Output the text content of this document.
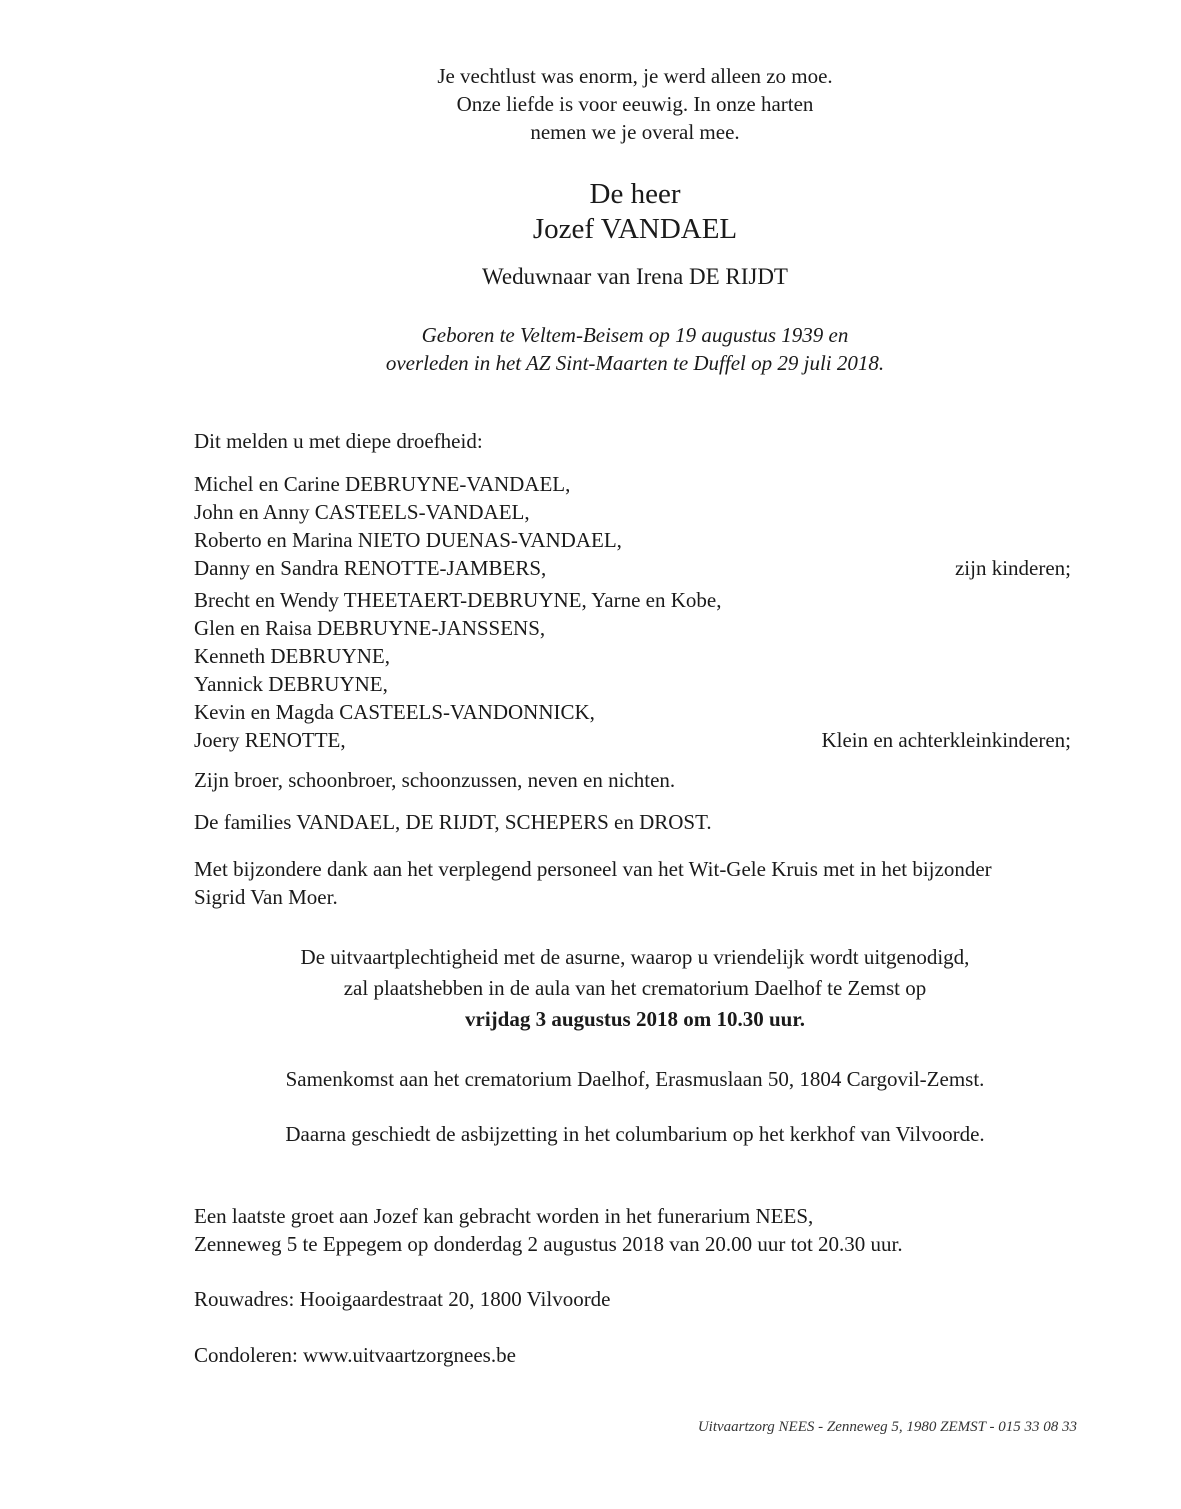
Je vechtlust was enorm, je werd alleen zo moe.

Onze liefde is voor eeuwig. In onze harten

nemen we je overal mee.

De heer

Jozef VANDAEL

Weduwnaar van Irena DE RIJDT

Geboren te Veltem-Beisem op 19 augustus 1939 en

overleden in het AZ Sint-Maarten te Duffel op 29 juli 2018.

Dit melden u met diepe droefheid:

Michel en Carine DEBRUYNE-VANDAEL,

John en Anny CASTEELS-VANDAEL,

Roberto en Marina NIETO DUENAS-VANDAEL,

Danny en Sandra RENOTTE-JAMBERS,	zijn kinderen;

Brecht en Wendy THEETAERT-DEBRUYNE, Yarne en Kobe,

Glen en Raisa DEBRUYNE-JANSSENS,

Kenneth DEBRUYNE,

Yannick DEBRUYNE,

Kevin en Magda CASTEELS-VANDONNICK,

Joery RENOTTE,	Klein en achterkleinkinderen;
Zijn broer, schoonbroer, schoonzussen, neven en nichten.
De families VANDAEL, DE RIJDT, SCHEPERS en DROST.

Met bijzondere dank aan het verplegend personeel van het Wit-Gele Kruis met in het bijzonder

Sigrid Van Moer.

De uitvaartplechtigheid met de asurne, waarop u vriendelijk wordt uitgenodigd,

zal plaatshebben in de aula van het crematorium Daelhof te Zemst op

vrijdag 3 augustus 2018 om 10.30 uur.

Samenkomst aan het crematorium Daelhof, Erasmuslaan 50, 1804 Cargovil-Zemst.
Daarna geschiedt de asbijzetting in het columbarium op het kerkhof van Vilvoorde.

Een laatste groet aan Jozef kan gebracht worden in het funerarium NEES,

Zenneweg 5 te Eppegem op donderdag 2 augustus 2018 van 20.00 uur tot 20.30 uur.

Rouwadres: Hooigaardestraat 20, 1800 Vilvoorde
Condoleren: www.uitvaartzorgnees.be
Uitvaartzorg NEES - Zenneweg 5, 1980 ZEMST - 015 33 08 33
